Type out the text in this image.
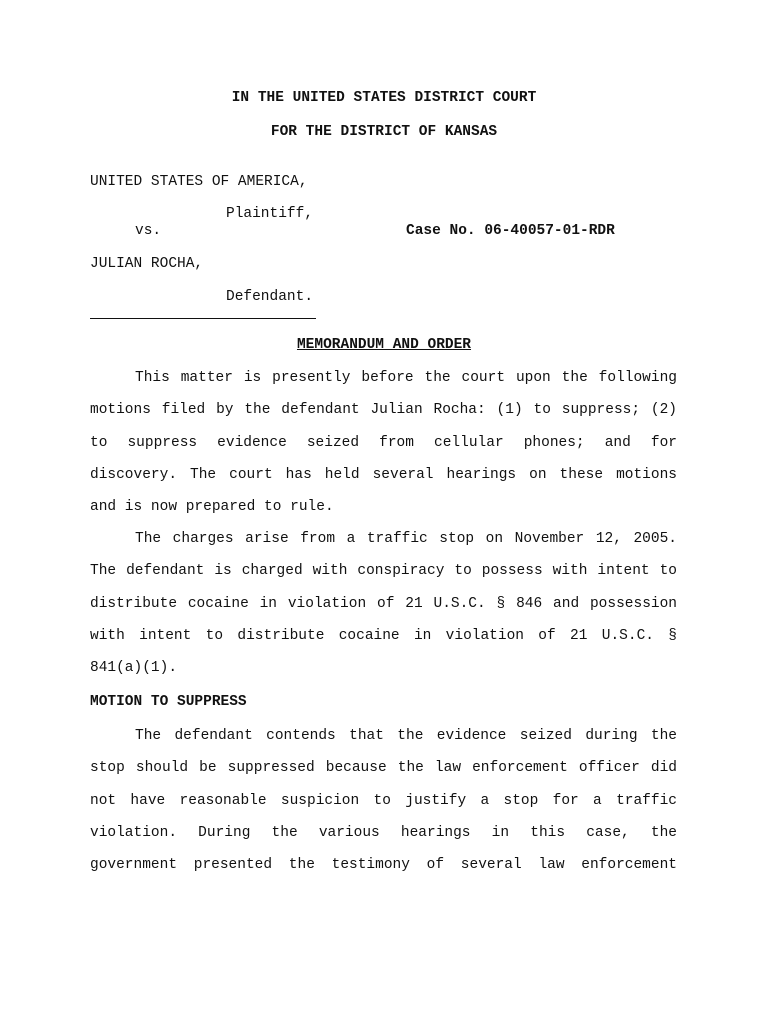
IN THE UNITED STATES DISTRICT COURT
FOR THE DISTRICT OF KANSAS
UNITED STATES OF AMERICA,
Plaintiff,
vs.	Case No. 06-40057-01-RDR
JULIAN ROCHA,
Defendant.
MEMORANDUM AND ORDER
This matter is presently before the court upon the following
motions filed by the defendant Julian Rocha: (1) to suppress; (2)
to suppress evidence seized from cellular phones; and for
discovery. The court has held several hearings on these motions
and is now prepared to rule.
The charges arise from a traffic stop on November 12, 2005.
The defendant is charged with conspiracy to possess with intent to
distribute cocaine in violation of 21 U.S.C. § 846 and possession
with intent to distribute cocaine in violation of 21 U.S.C. §
841(a)(1).
MOTION TO SUPPRESS
The defendant contends that the evidence seized during the
stop should be suppressed because the law enforcement officer did
not have reasonable suspicion to justify a stop for a traffic
violation. During the various hearings in this case, the
government presented the testimony of several law enforcement
